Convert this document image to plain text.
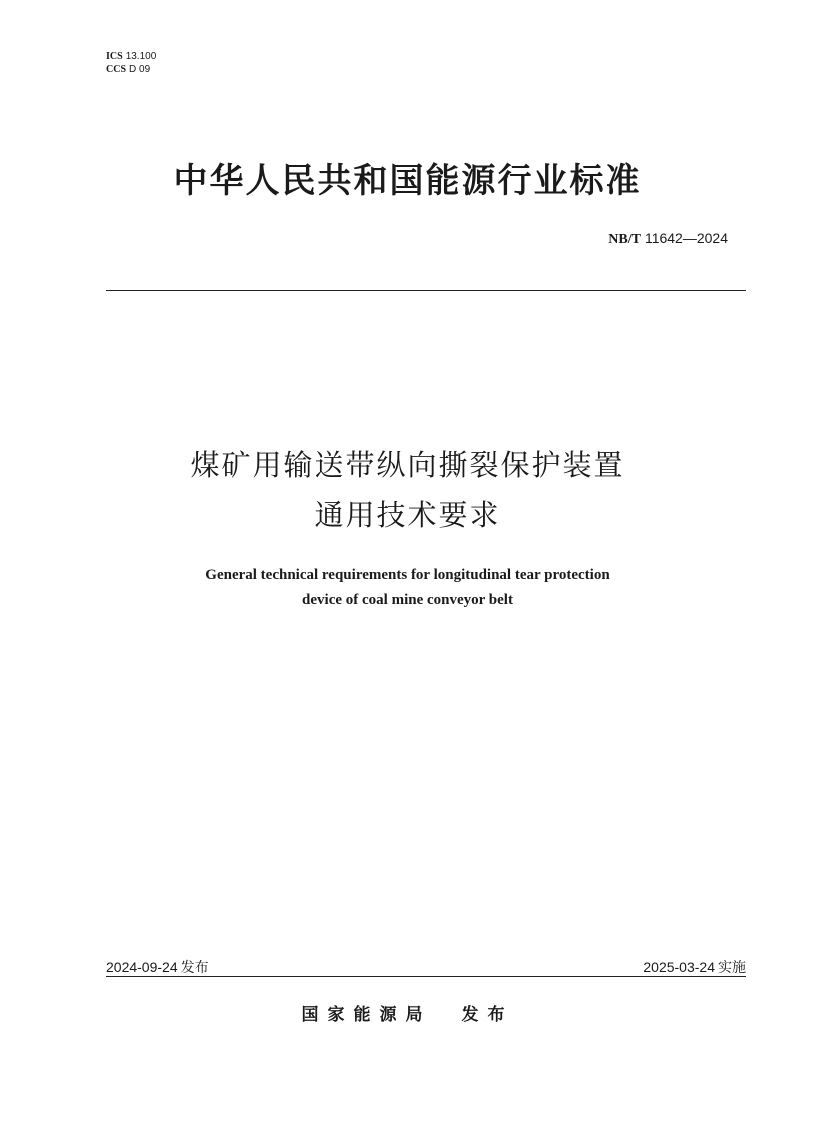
ICS 13.100
CCS D 09
中华人民共和国能源行业标准
NB/T 11642—2024
煤矿用输送带纵向撕裂保护装置
通用技术要求
General technical requirements for longitudinal tear protection
device of coal mine conveyor belt
2024-09-24 发布	2025-03-24 实施
国家能源局 发布
